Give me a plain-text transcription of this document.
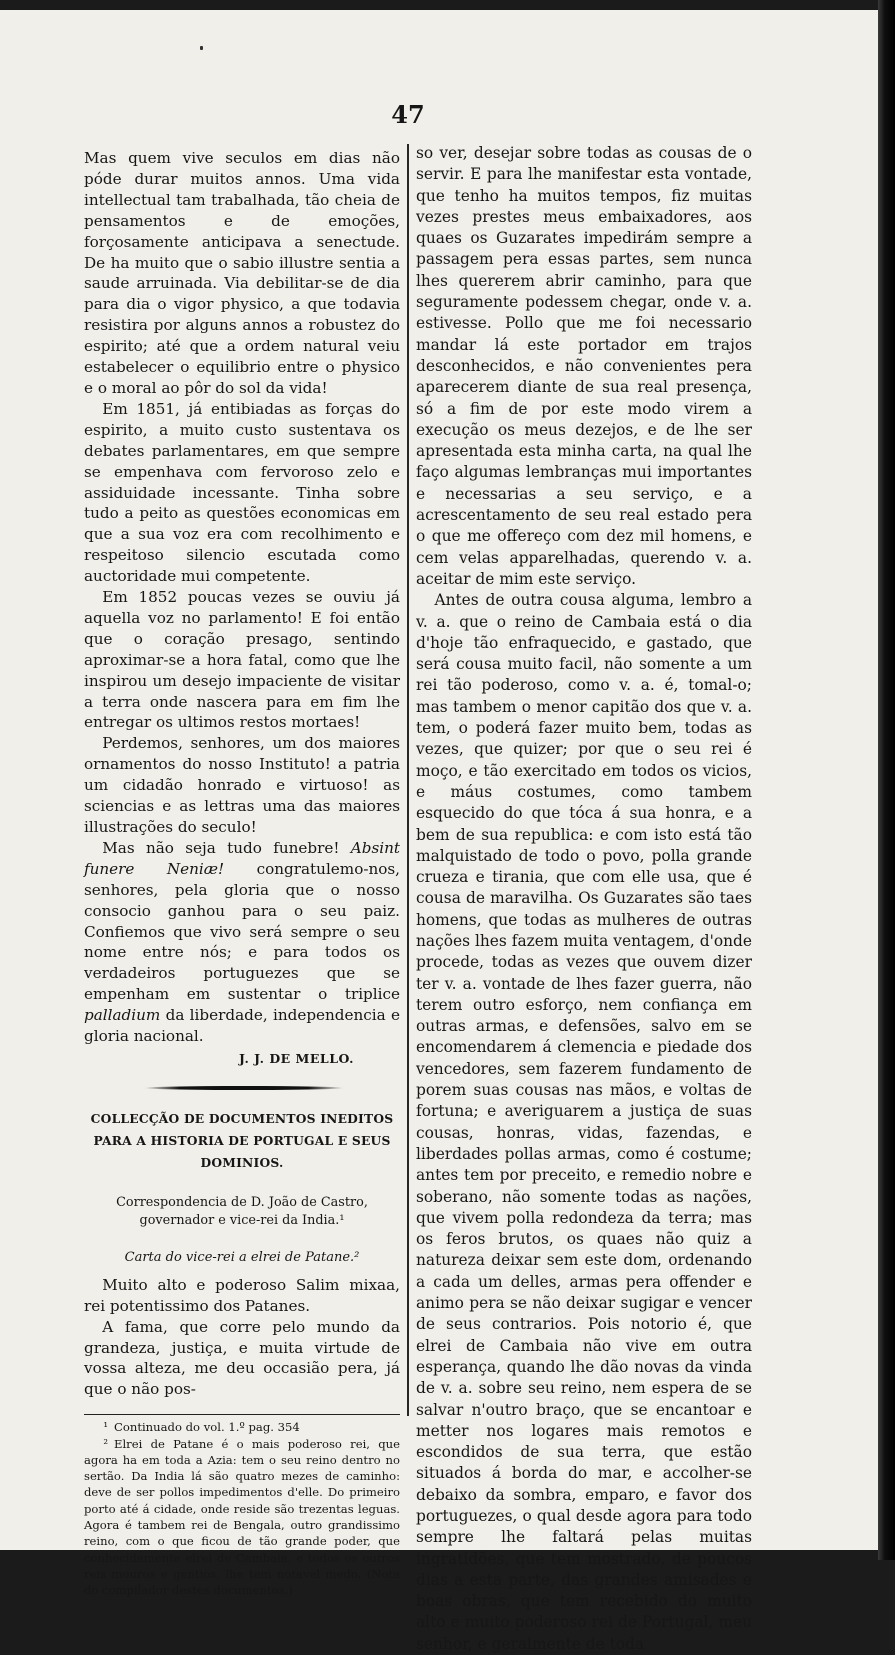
47

Mas quem vive seculos em dias não póde durar muitos annos. Uma vida intellectual tam trabalhada, tão cheia de pensamentos e de emoções, forçosamente anticipava a senectude. De ha muito que o sabio illustre sentia a saude arruinada. Via debilitar-se de dia para dia o vigor physico, a que todavia resistira por alguns annos a robustez do espirito; até que a ordem natural veiu estabelecer o equilibrio entre o physico e o moral ao pôr do sol da vida!

Em 1851, já entibiadas as forças do espirito, a muito custo sustentava os debates parlamentares, em que sempre se empenhava com fervoroso zelo e assiduidade incessante. Tinha sobre tudo a peito as questões economicas em que a sua voz era com recolhimento e respeitoso silencio escutada como auctoridade mui competente.

Em 1852 poucas vezes se ouviu já aquella voz no parlamento! E foi então que o coração presago, sentindo aproximar-se a hora fatal, como que lhe inspirou um desejo impaciente de visitar a terra onde nascera para em fim lhe entregar os ultimos restos mortaes!

Perdemos, senhores, um dos maiores ornamentos do nosso Instituto! a patria um cidadão honrado e virtuoso! as sciencias e as lettras uma das maiores illustrações do seculo!

Mas não seja tudo funebre! Absint funere Neniæ! congratulemo-nos, senhores, pela gloria que o nosso consocio ganhou para o seu paiz. Confiemos que vivo será sempre o seu nome entre nós; e para todos os verdadeiros portuguezes que se empenham em sustentar o triplice palladium da liberdade, independencia e gloria nacional.

J. J. DE MELLO.
COLLECÇÃO DE DOCUMENTOS INEDITOS PARA A HISTORIA DE PORTUGAL E SEUS DOMINIOS.
Correspondencia de D. João de Castro, governador e vice-rei da India.¹
Carta do vice-rei a elrei de Patane.²

Muito alto e poderoso Salim mixaa, rei potentissimo dos Patanes.

A fama, que corre pelo mundo da grandeza, justiça, e muita virtude de vossa alteza, me deu occasião pera, já que o não pos-

¹ Continuado do vol. 1.º pag. 354
² Elrei de Patane é o mais poderoso rei, que agora ha em toda a Azia: tem o seu reino dentro no sertão. Da India lá são quatro mezes de caminho: deve de ser pollos impedimentos d'elle. Do primeiro porto até á cidade, onde reside são trezentas leguas. Agora é tambem rei de Bengala, outro grandissimo reino, com o que ficou de tão grande poder, que conhecidamente elrei de Cambaia, e todos os outros reis mouros e gentios, lhe tem notavel medo. (Nota do compilador destes documentos.)

so ver, desejar sobre todas as cousas de o servir. E para lhe manifestar esta vontade, que tenho ha muitos tempos, fiz muitas vezes prestes meus embaixadores, aos quaes os Guzarates impedirám sempre a passagem pera essas partes, sem nunca lhes quererem abrir caminho, para que seguramente podessem chegar, onde v. a. estivesse. Pollo que me foi necessario mandar lá este portador em trajos desconhecidos, e não convenientes pera aparecerem diante de sua real presença, só a fim de por este modo virem a execução os meus dezejos, e de lhe ser apresentada esta minha carta, na qual lhe faço algumas lembranças mui importantes e necessarias a seu serviço, e a acrescentamento de seu real estado pera o que me offereço com dez mil homens, e cem velas apparelhadas, querendo v. a. aceitar de mim este serviço.

Antes de outra cousa alguma, lembro a v. a. que o reino de Cambaia está o dia d'hoje tão enfraquecido, e gastado, que será cousa muito facil, não somente a um rei tão poderoso, como v. a. é, tomal-o; mas tambem o menor capitão dos que v. a. tem, o poderá fazer muito bem, todas as vezes, que quizer; por que o seu rei é moço, e tão exercitado em todos os vicios, e máus costumes, como tambem esquecido do que tóca á sua honra, e a bem de sua republica: e com isto está tão malquistado de todo o povo, polla grande crueza e tirania, que com elle usa, que é cousa de maravilha. Os Guzarates são taes homens, que todas as mulheres de outras nações lhes fazem muita ventagem, d'onde procede, todas as vezes que ouvem dizer ter v. a. vontade de lhes fazer guerra, não terem outro esforço, nem confiança em outras armas, e defensões, salvo em se encomendarem á clemencia e piedade dos vencedores, sem fazerem fundamento de porem suas cousas nas mãos, e voltas de fortuna; e averiguarem a justiça de suas cousas, honras, vidas, fazendas, e liberdades pollas armas, como é costume; antes tem por preceito, e remedio nobre e soberano, não somente todas as nações, que vivem polla redondeza da terra; mas os feros brutos, os quaes não quiz a natureza deixar sem este dom, ordenando a cada um delles, armas pera offender e animo pera se não deixar sugigar e vencer de seus contrarios. Pois notorio é, que elrei de Cambaia não vive em outra esperança, quando lhe dão novas da vinda de v. a. sobre seu reino, nem espera de se salvar n'outro braço, que se encantoar e metter nos logares mais remotos e escondidos de sua terra, que estão situados á borda do mar, e accolher-se debaixo da sombra, emparo, e favor dos portuguezes, o qual desde agora para todo sempre lhe faltará pelas muitas ingratidões, que tem mostrado, de poucos dias a esta parte, das grandes amisades e boas obras, que tem recebido do muito alto e muito poderoso rei de Portugal, meu senhor, e geralmente de toda
